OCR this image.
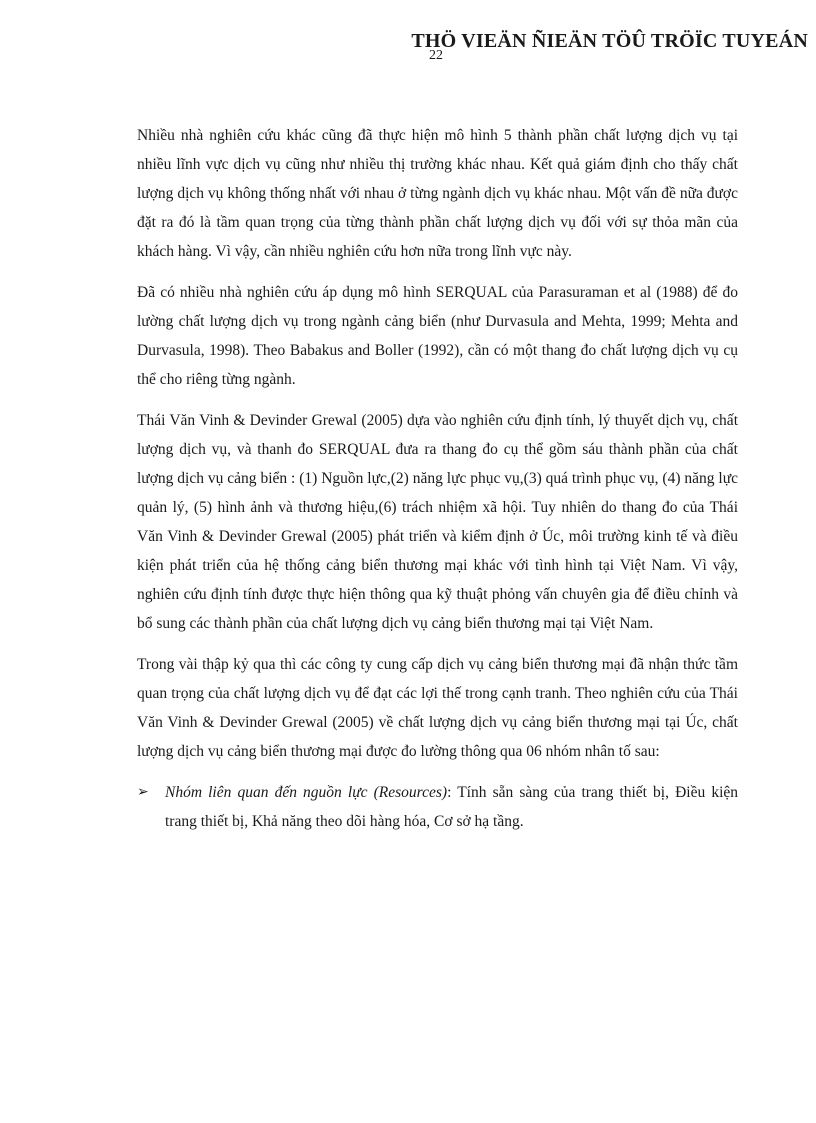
22
THÖ VIEÄN ÑIEÄN TÖÛ TRÖÏC TUYEÁN

Nhiều nhà nghiên cứu khác cũng đã thực hiện mô hình 5 thành phần chất lượng dịch vụ tại nhiều lĩnh vực dịch vụ cũng như nhiều thị trường khác nhau. Kết quả giám định cho thấy chất lượng dịch vụ không thống nhất với nhau ở từng ngành dịch vụ khác nhau. Một vấn đề nữa được đặt ra đó là tầm quan trọng của từng thành phần chất lượng dịch vụ đối với sự thỏa mãn của khách hàng. Vì vậy, cần nhiều nghiên cứu hơn nữa trong lĩnh vực này.

Đã có nhiều nhà nghiên cứu áp dụng mô hình SERQUAL của Parasuraman et al (1988) để đo lường chất lượng dịch vụ trong ngành cảng biển (như Durvasula and Mehta, 1999; Mehta and Durvasula, 1998). Theo Babakus and Boller (1992), cần có một thang đo chất lượng dịch vụ cụ thể cho riêng từng ngành.

Thái Văn Vinh & Devinder Grewal (2005) dựa vào nghiên cứu định tính, lý thuyết dịch vụ, chất lượng dịch vụ, và thanh đo SERQUAL đưa ra thang đo cụ thể gồm sáu thành phần của chất lượng dịch vụ cảng biển : (1) Nguồn lực,(2) năng lực phục vụ,(3) quá trình phục vụ, (4) năng lực quản lý, (5) hình ảnh và thương hiệu,(6) trách nhiệm xã hội. Tuy nhiên do thang đo của Thái Văn Vinh & Devinder Grewal (2005) phát triển và kiểm định ở Úc, môi trường kinh tế và điều kiện phát triển của hệ thống cảng biển thương mại khác với tình hình tại Việt Nam. Vì vậy, nghiên cứu định tính được thực hiện thông qua kỹ thuật phỏng vấn chuyên gia để điều chỉnh và bổ sung các thành phần của chất lượng dịch vụ cảng biển thương mại tại Việt Nam.

Trong vài thập kỷ qua thì các công ty cung cấp dịch vụ cảng biển thương mại đã nhận thức tầm quan trọng của chất lượng dịch vụ để đạt các lợi thế trong cạnh tranh. Theo nghiên cứu của Thái Văn Vinh & Devinder Grewal (2005) về chất lượng dịch vụ cảng biển thương mại tại Úc, chất lượng dịch vụ cảng biển thương mại được đo lường thông qua 06 nhóm nhân tố sau:

➢	Nhóm liên quan đến nguồn lực (Resources): Tính sẵn sàng của trang thiết bị, Điều kiện trang thiết bị, Khả năng theo dõi hàng hóa, Cơ sở hạ tầng.
